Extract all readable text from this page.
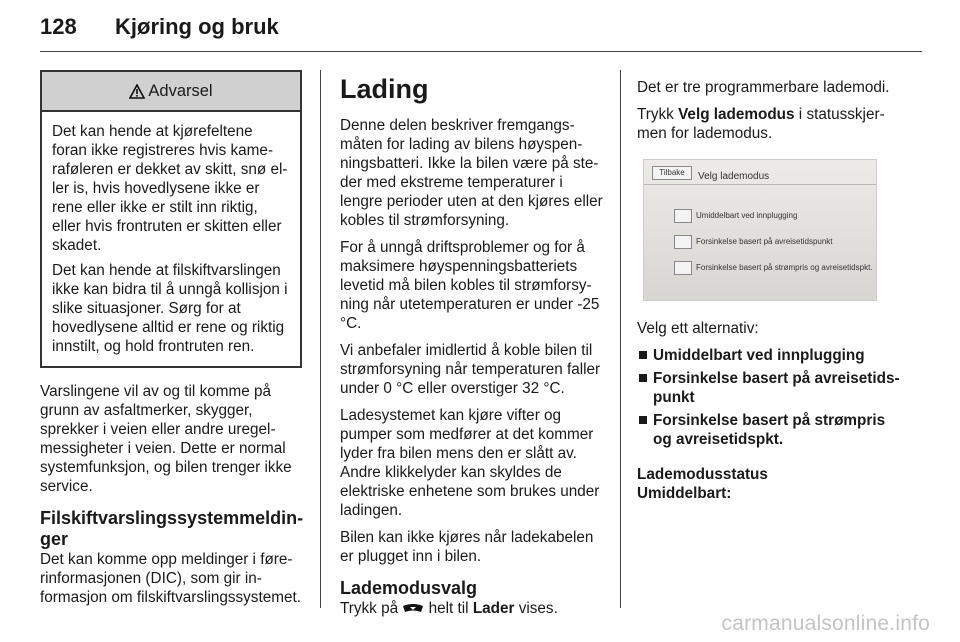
128 Kjøring og bruk
Advarsel

Det kan hende at kjørefeltene foran ikke registreres hvis kameraføleren er dekket av skitt, snø eller is, hvis hovedlysene ikke er rene eller ikke er stilt inn riktig, eller hvis frontruten er skitten eller skadet.

Det kan hende at filskiftvarslingen ikke kan bidra til å unngå kollisjon i slike situasjoner. Sørg for at hovedlysene alltid er rene og riktig innstilt, og hold frontruten ren.

Varslingene vil av og til komme på grunn av asfaltmerker, skygger, sprekker i veien eller andre uregelmessigheter i veien. Dette er normal systemfunksjon, og bilen trenger ikke service.

Filskiftvarslingssystemmeldinger

Det kan komme opp meldinger i førerinformasjonen (DIC), som gir informasjon om filskiftvarslingssystemet.

Lading

Denne delen beskriver fremgangsmåten for lading av bilens høyspenningsbatteri. Ikke la bilen være på steder med ekstreme temperaturer i lengre perioder uten at den kjøres eller kobles til strømforsyning.

For å unngå driftsproblemer og for å maksimere høyspenningsbatteriets levetid må bilen kobles til strømforsyning når utetemperaturen er under -25 °C.

Vi anbefaler imidlertid å koble bilen til strømforsyning når temperaturen faller under 0 °C eller overstiger 32 °C.

Ladesystemet kan kjøre vifter og pumper som medfører at det kommer lyder fra bilen mens den er slått av. Andre klikkelyder kan skyldes de elektriske enhetene som brukes under ladingen.

Bilen kan ikke kjøres når ladekabelen er plugget inn i bilen.

Lademodusvalg

Trykk på helt til Lader vises.

Det er tre programmerbare lademodi.

Trykk Velg lademodus i statusskjermen for lademodus.

Tilbake	Velg lademodus
Umiddelbart ved innplugging
Forsinkelse basert på avreisetidspunkt
Forsinkelse basert på strømpris og avreisetidspkt.

Velg ett alternativ:

Umiddelbart ved innplugging
Forsinkelse basert på avreisetidspunkt
Forsinkelse basert på strømpris og avreisetidspkt.

Lademodusstatus

Umiddelbart:

carmanualsonline.info
